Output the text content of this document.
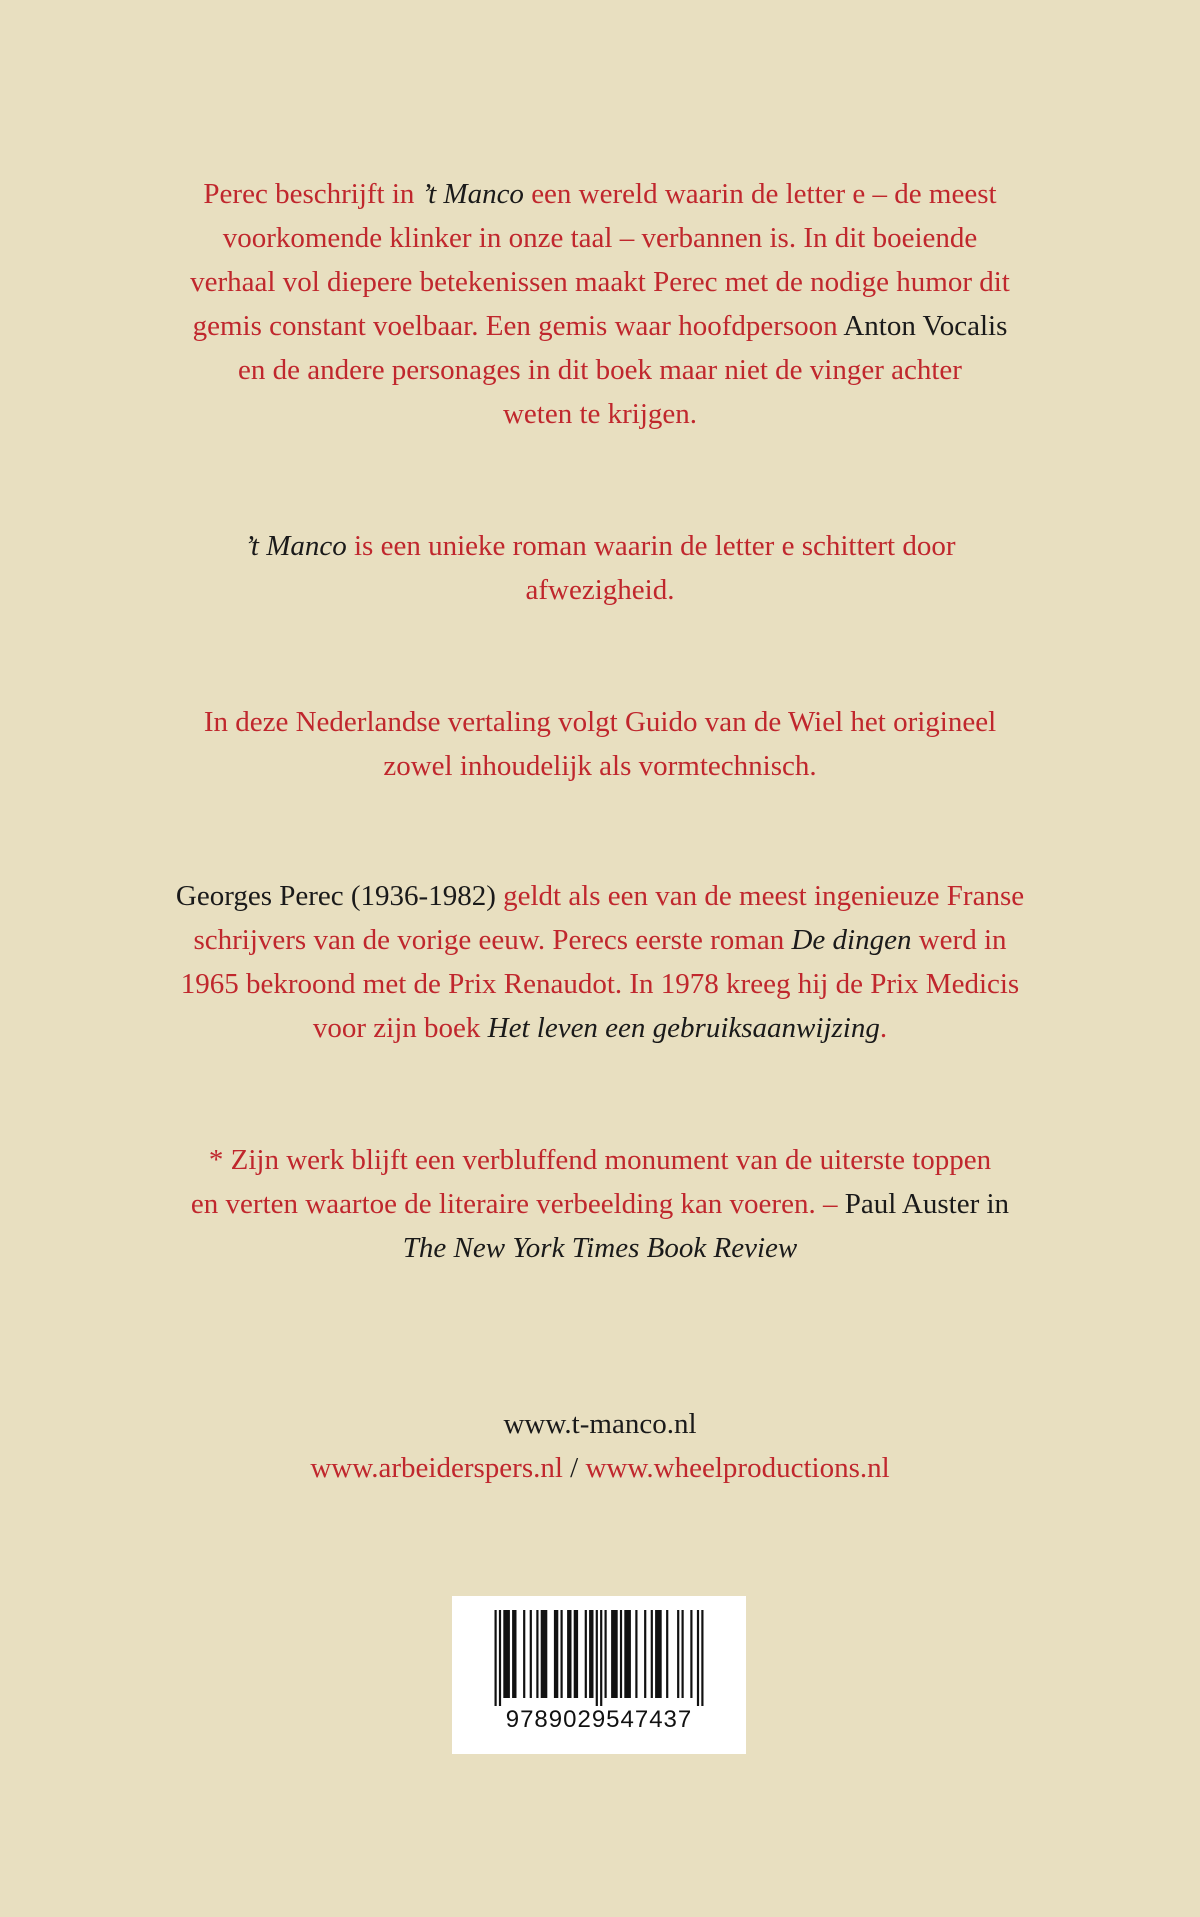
Perec beschrijft in ’t Manco een wereld waarin de letter e – de meest
voorkomende klinker in onze taal – verbannen is. In dit boeiende
verhaal vol diepere betekenissen maakt Perec met de nodige humor dit
gemis constant voelbaar. Een gemis waar hoofdpersoon Anton Vocalis
en de andere personages in dit boek maar niet de vinger achter
weten te krijgen.

’t Manco is een unieke roman waarin de letter e schittert door
afwezigheid.

In deze Nederlandse vertaling volgt Guido van de Wiel het origineel
zowel inhoudelijk als vormtechnisch.

Georges Perec (1936-1982) geldt als een van de meest ingenieuze Franse
schrijvers van de vorige eeuw. Perecs eerste roman De dingen werd in
1965 bekroond met de Prix Renaudot. In 1978 kreeg hij de Prix Medicis
voor zijn boek Het leven een gebruiksaanwijzing.

* Zijn werk blijft een verbluffend monument van de uiterste toppen
en verten waartoe de literaire verbeelding kan voeren. – Paul Auster in
The New York Times Book Review

www.t-manco.nl
www.arbeiderspers.nl / www.wheelproductions.nl

9789029547437
